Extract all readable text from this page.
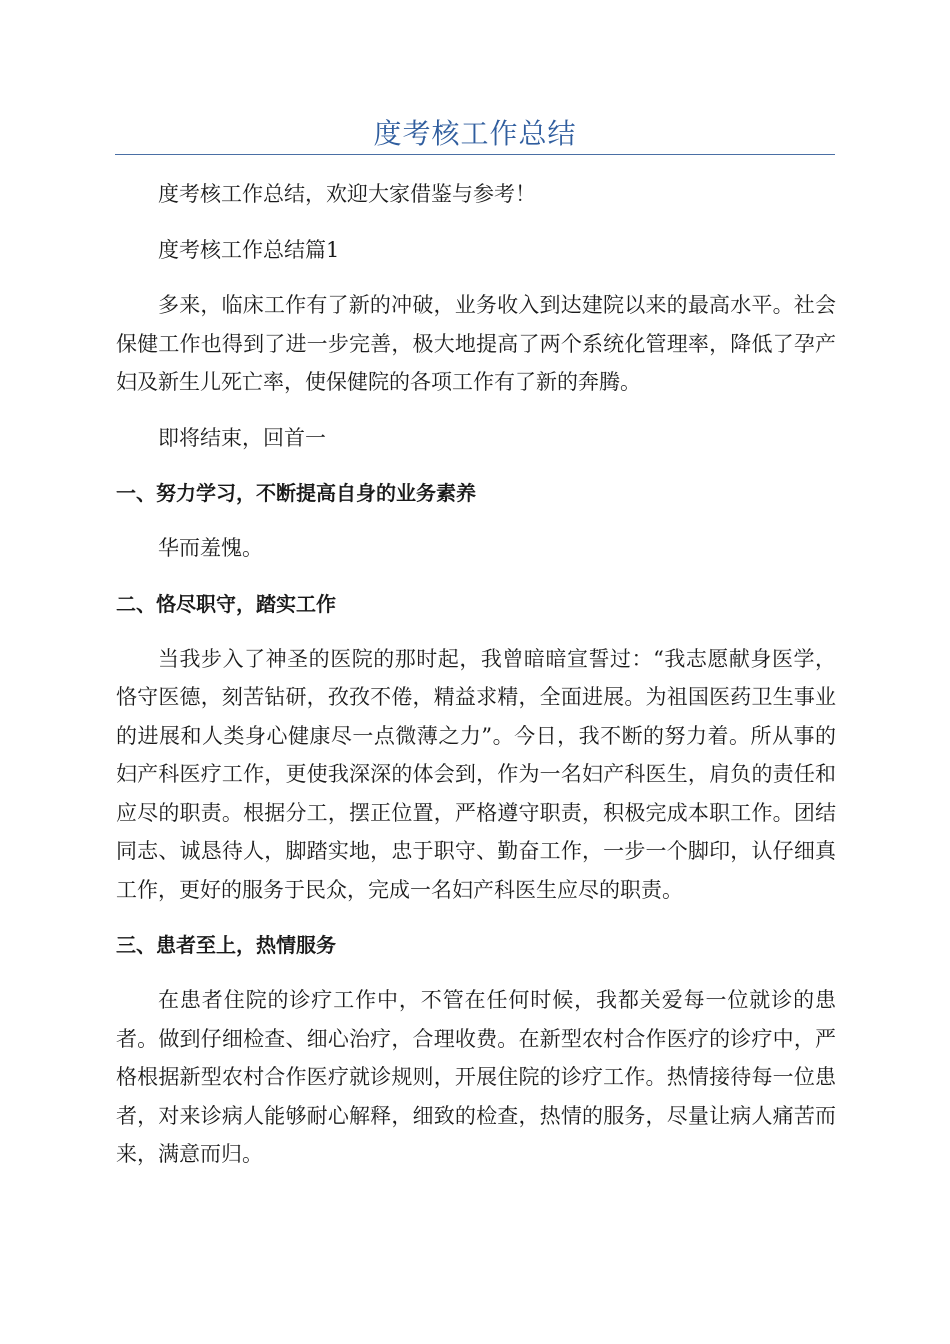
度考核工作总结

度考核工作总结，欢迎大家借鉴与参考！

度考核工作总结篇1

多来，临床工作有了新的冲破，业务收入到达建院以来的最高水平。社会保健工作也得到了进一步完善，极大地提高了两个系统化管理率，降低了孕产妇及新生儿死亡率，使保健院的各项工作有了新的奔腾。

即将结束，回首一

一、努力学习，不断提高自身的业务素养

华而羞愧。

二、恪尽职守，踏实工作

当我步入了神圣的医院的那时起，我曾暗暗宣誓过：“我志愿献身医学，恪守医德，刻苦钻研，孜孜不倦，精益求精，全面进展。为祖国医药卫生事业的进展和人类身心健康尽一点微薄之力”。今日，我不断的努力着。所从事的妇产科医疗工作，更使我深深的体会到，作为一名妇产科医生，肩负的责任和应尽的职责。根据分工，摆正位置，严格遵守职责，积极完成本职工作。团结同志、诚恳待人，脚踏实地，忠于职守、勤奋工作，一步一个脚印，认仔细真工作，更好的服务于民众，完成一名妇产科医生应尽的职责。

三、患者至上，热情服务

在患者住院的诊疗工作中，不管在任何时候，我都关爱每一位就诊的患者。做到仔细检查、细心治疗，合理收费。在新型农村合作医疗的诊疗中，严格根据新型农村合作医疗就诊规则，开展住院的诊疗工作。热情接待每一位患者，对来诊病人能够耐心解释，细致的检查，热情的服务，尽量让病人痛苦而来，满意而归。
